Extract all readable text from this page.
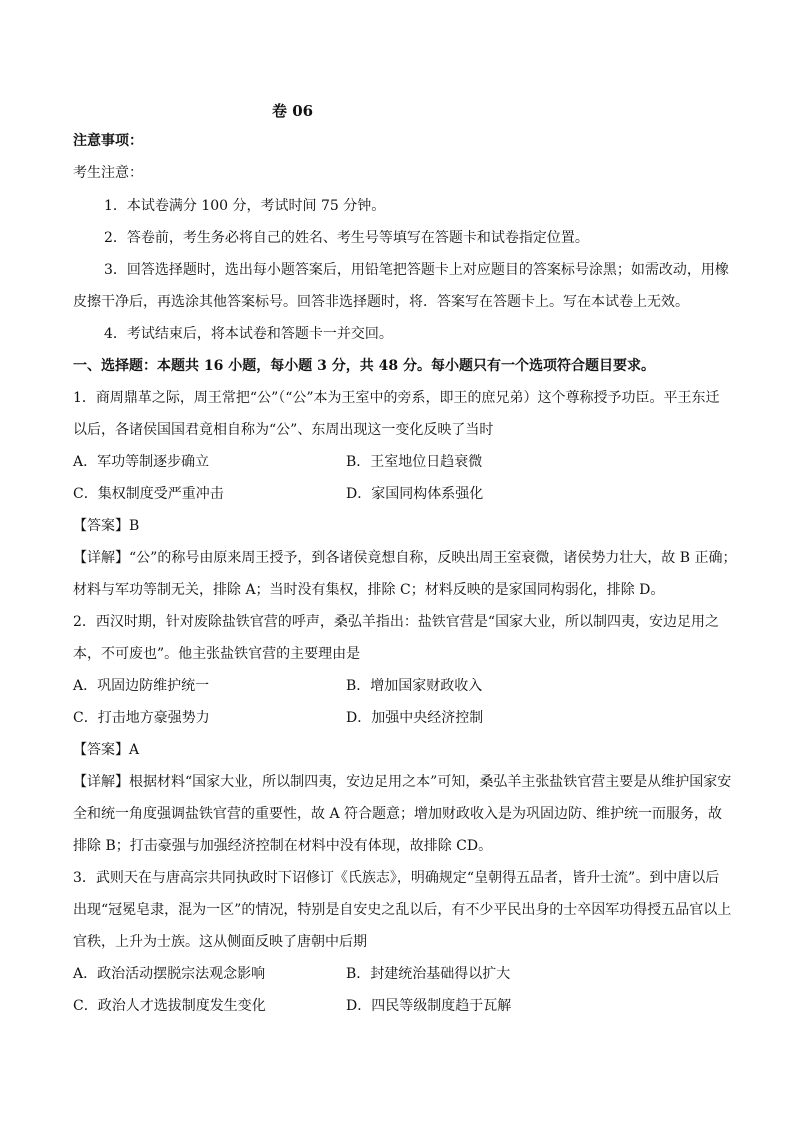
卷 06
注意事项：
考生注意：
1．本试卷满分 100 分，考试时间 75 分钟。
2．答卷前，考生务必将自己的姓名、考生号等填写在答题卡和试卷指定位置。
3．回答选择题时，选出每小题答案后，用铅笔把答题卡上对应题目的答案标号涂黑；如需改动，用橡
皮擦干净后，再选涂其他答案标号。回答非选择题时，将．答案写在答题卡上。写在本试卷上无效。
4．考试结束后，将本试卷和答题卡一并交回。
一、选择题：本题共 16 小题，每小题 3 分，共 48 分。每小题只有一个选项符合题目要求。
1．商周鼎革之际，周王常把“公”（“公”本为王室中的旁系，即王的庶兄弟）这个尊称授予功臣。平王东迁
以后，各诸侯国国君竟相自称为“公”、东周出现这一变化反映了当时
A．军功等制逐步确立	B．王室地位日趋衰微
C．集权制度受严重冲击	D．家国同构体系强化
【答案】B
【详解】“公”的称号由原来周王授予，到各诸侯竟想自称，反映出周王室衰微，诸侯势力壮大，故 B 正确；
材料与军功等制无关，排除 A；当时没有集权，排除 C；材料反映的是家国同构弱化，排除 D。
2．西汉时期，针对废除盐铁官营的呼声，桑弘羊指出：盐铁官营是“国家大业，所以制四夷，安边足用之
本，不可废也”。他主张盐铁官营的主要理由是
A．巩固边防维护统一	B．增加国家财政收入
C．打击地方豪强势力	D．加强中央经济控制
【答案】A
【详解】根据材料“国家大业，所以制四夷，安边足用之本”可知，桑弘羊主张盐铁官营主要是从维护国家安
全和统一角度强调盐铁官营的重要性，故 A 符合题意；增加财政收入是为巩固边防、维护统一而服务，故
排除 B；打击豪强与加强经济控制在材料中没有体现，故排除 CD。
3．武则天在与唐高宗共同执政时下诏修订《氏族志》，明确规定“皇朝得五品者，皆升士流”。到中唐以后
出现“冠冕皂隶，混为一区”的情况，特别是自安史之乱以后，有不少平民出身的士卒因军功得授五品官以上
官秩，上升为士族。这从侧面反映了唐朝中后期
A．政治活动摆脱宗法观念影响	B．封建统治基础得以扩大
C．政治人才选拔制度发生变化	D．四民等级制度趋于瓦解
